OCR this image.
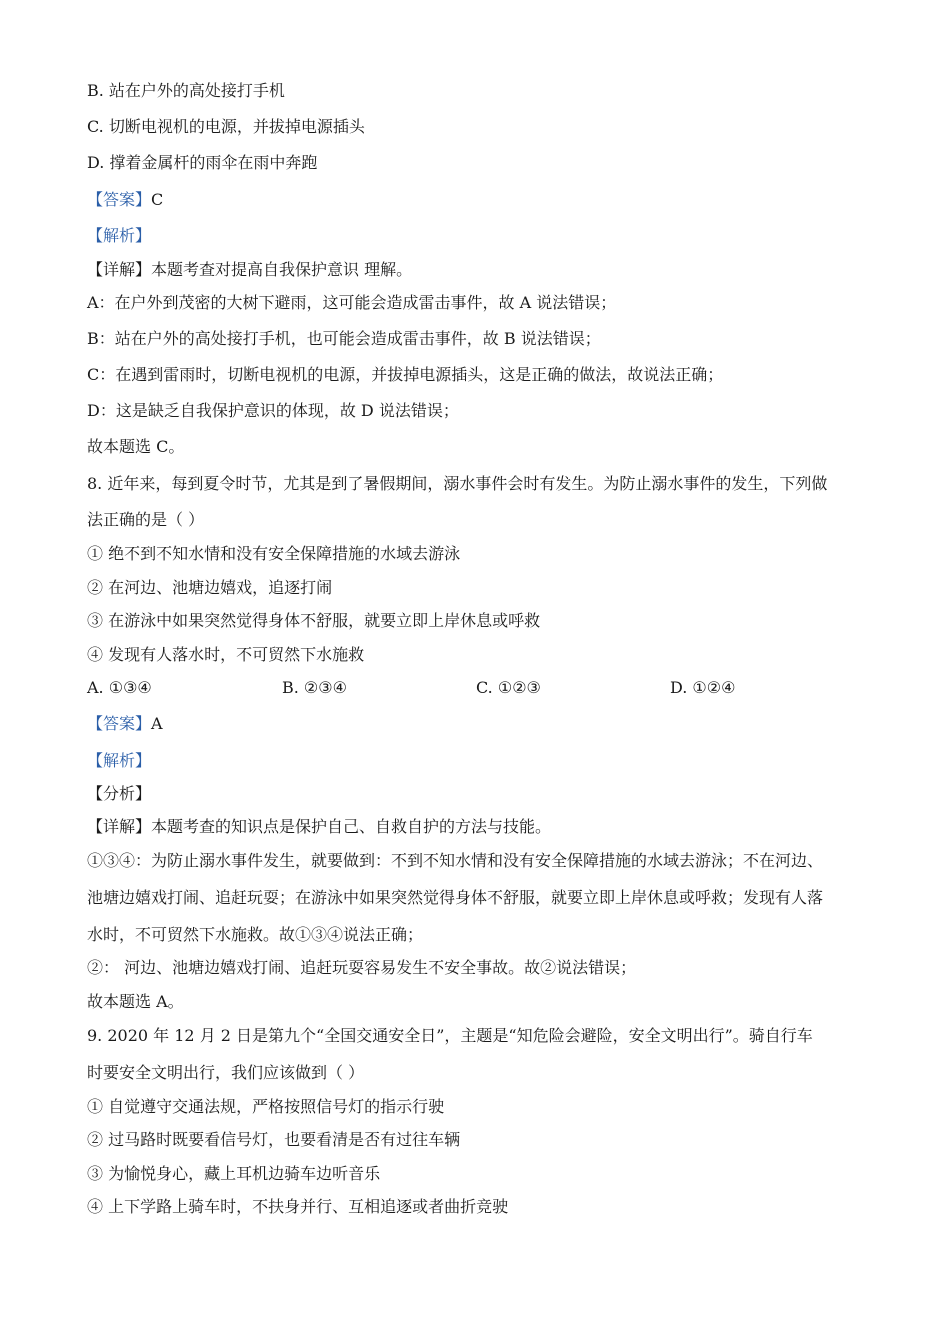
B. 站在户外的高处接打手机
C. 切断电视机的电源，并拔掉电源插头
D. 撑着金属杆的雨伞在雨中奔跑
【答案】C
【解析】
【详解】本题考查对提高自我保护意识 理解。
A：在户外到茂密的大树下避雨，这可能会造成雷击事件，故 A 说法错误；
B：站在户外的高处接打手机，也可能会造成雷击事件，故 B 说法错误；
C：在遇到雷雨时，切断电视机的电源，并拔掉电源插头，这是正确的做法，故说法正确；
D：这是缺乏自我保护意识的体现，故 D 说法错误；
故本题选 C。
8. 近年来，每到夏令时节，尤其是到了暑假期间，溺水事件会时有发生。为防止溺水事件的发生，下列做
法正确的是（ ）
① 绝不到不知水情和没有安全保障措施的水域去游泳
② 在河边、池塘边嬉戏，追逐打闹
③ 在游泳中如果突然觉得身体不舒服，就要立即上岸休息或呼救
④ 发现有人落水时，不可贸然下水施救
A. ①③④	B. ②③④	C. ①②③	D. ①②④
【答案】A
【解析】
【分析】
【详解】本题考查的知识点是保护自己、自救自护的方法与技能。
①③④：为防止溺水事件发生，就要做到：不到不知水情和没有安全保障措施的水域去游泳；不在河边、
池塘边嬉戏打闹、追赶玩耍；在游泳中如果突然觉得身体不舒服，就要立即上岸休息或呼救；发现有人落
水时，不可贸然下水施救。故①③④说法正确；
②： 河边、池塘边嬉戏打闹、追赶玩耍容易发生不安全事故。故②说法错误；
故本题选 A。
9. 2020 年 12 月 2 日是第九个“全国交通安全日”，主题是“知危险会避险，安全文明出行”。骑自行车
时要安全文明出行，我们应该做到（ ）
① 自觉遵守交通法规，严格按照信号灯的指示行驶
② 过马路时既要看信号灯，也要看清是否有过往车辆
③ 为愉悦身心，藏上耳机边骑车边听音乐
④ 上下学路上骑车时，不扶身并行、互相追逐或者曲折竞驶
